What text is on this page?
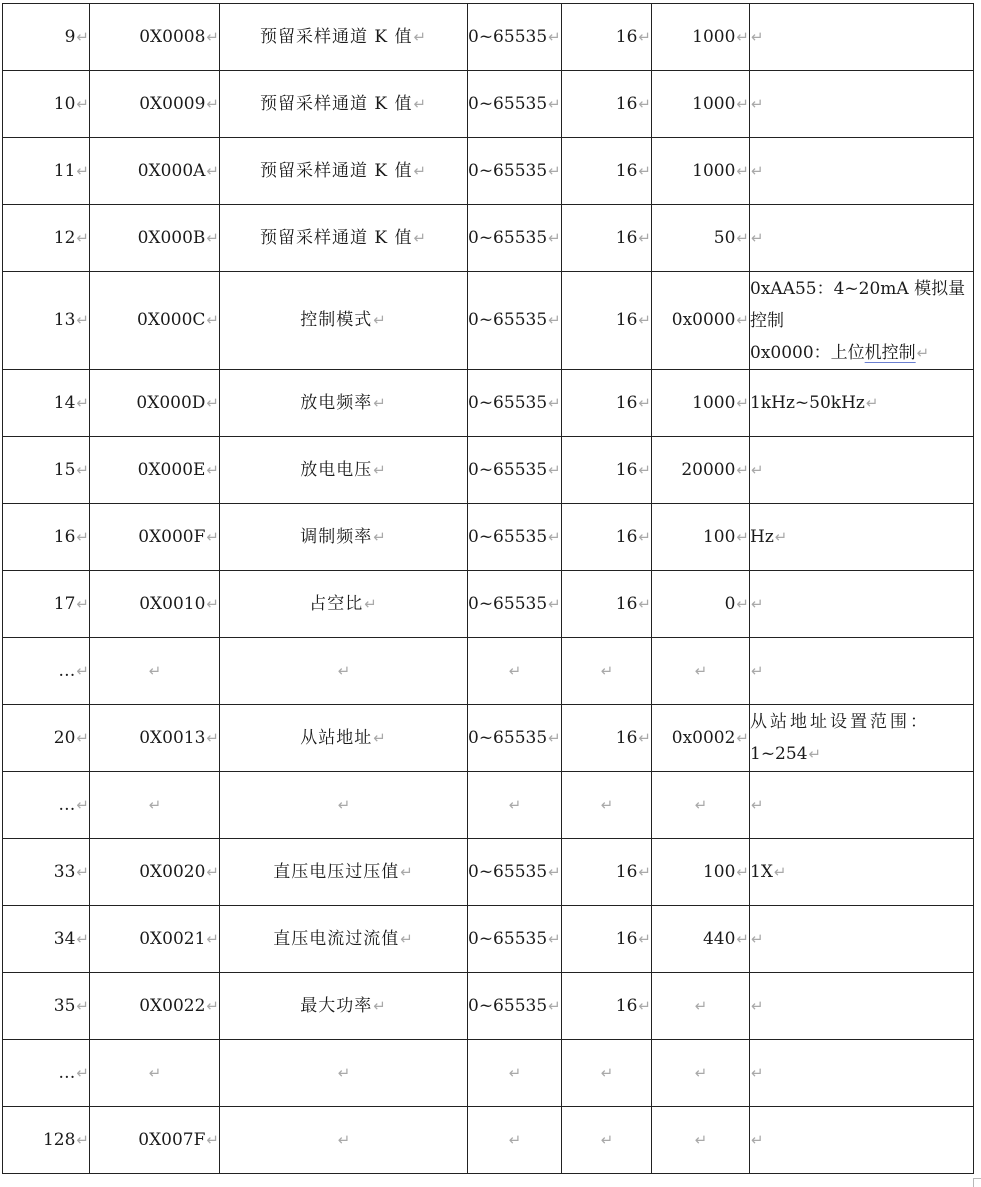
9↵	0X0008↵	预留采样通道 K 值↵	0~65535↵	16↵	1000↵	↵
10↵	0X0009↵	预留采样通道 K 值↵	0~65535↵	16↵	1000↵	↵
11↵	0X000A↵	预留采样通道 K 值↵	0~65535↵	16↵	1000↵	↵
12↵	0X000B↵	预留采样通道 K 值↵	0~65535↵	16↵	50↵	↵
13↵	0X000C↵	控制模式↵	0~65535↵	16↵	0x0000↵	0xAA55：4~20mA 模拟量
控制
0x0000：上位机控制↵

14↵	0X000D↵	放电频率↵	0~65535↵	16↵	1000↵	1kHz~50kHz↵

15↵	0X000E↵	放电电压↵	0~65535↵	16↵	20000↵	↵
16↵	0X000F↵	调制频率↵	0~65535↵	16↵	100↵	Hz↵

17↵	0X0010↵	占空比↵	0~65535↵	16↵	0↵	↵
…↵	↵	↵	↵	↵	↵	↵
20↵	0X0013↵	从站地址↵	0~65535↵	16↵	0x0002↵	从站地址设置范围：
1~254↵

…↵	↵	↵	↵	↵	↵	↵
33↵	0X0020↵	直压电压过压值↵	0~65535↵	16↵	100↵	1X↵

34↵	0X0021↵	直压电流过流值↵	0~65535↵	16↵	440↵	↵
35↵	0X0022↵	最大功率↵	0~65535↵	16↵	↵	↵
…↵	↵	↵	↵	↵	↵	↵
128↵	0X007F↵	↵	↵	↵	↵	↵
